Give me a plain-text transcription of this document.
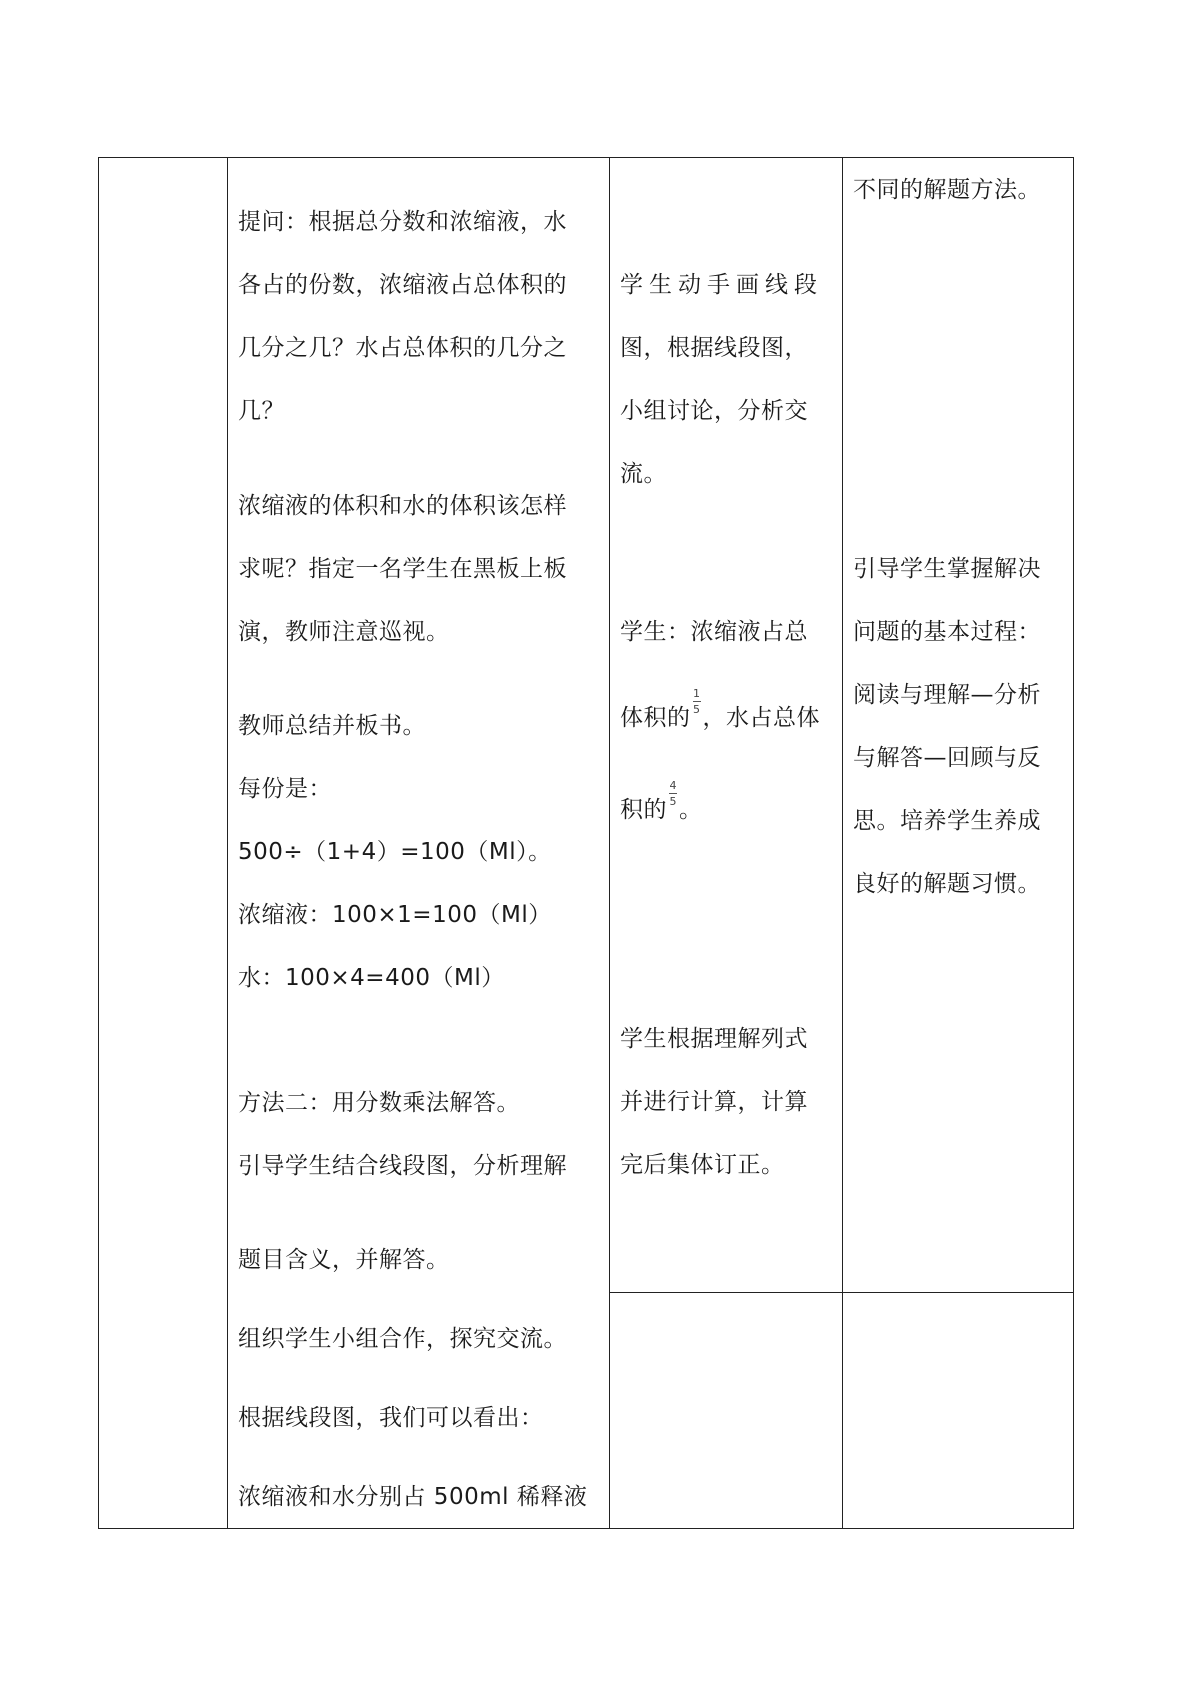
提问：根据总分数和浓缩液，水
各占的份数，浓缩液占总体积的
几分之几？水占总体积的几分之
几？
浓缩液的体积和水的体积该怎样
求呢？指定一名学生在黑板上板
演，教师注意巡视。
教师总结并板书。
每份是：
500÷（1+4）=100（Ml）。
浓缩液：100×1=100（Ml）
水：100×4=400（Ml）
方法二：用分数乘法解答。
引导学生结合线段图，分析理解
题目含义，并解答。
组织学生小组合作，探究交流。
根据线段图，我们可以看出：
浓缩液和水分别占 500ml 稀释液
学生动手画线段
图，根据线段图，
小组讨论，分析交
流。
学生：浓缩液占总
体积的 $\frac{1}{5}$ ，水占总体
积的 $\frac{4}{5}$ 。
学生根据理解列式
并进行计算，计算
完后集体订正。
不同的解题方法。
引导学生掌握解决
问题的基本过程：
阅读与理解—分析
与解答—回顾与反
思。培养学生养成
良好的解题习惯。
